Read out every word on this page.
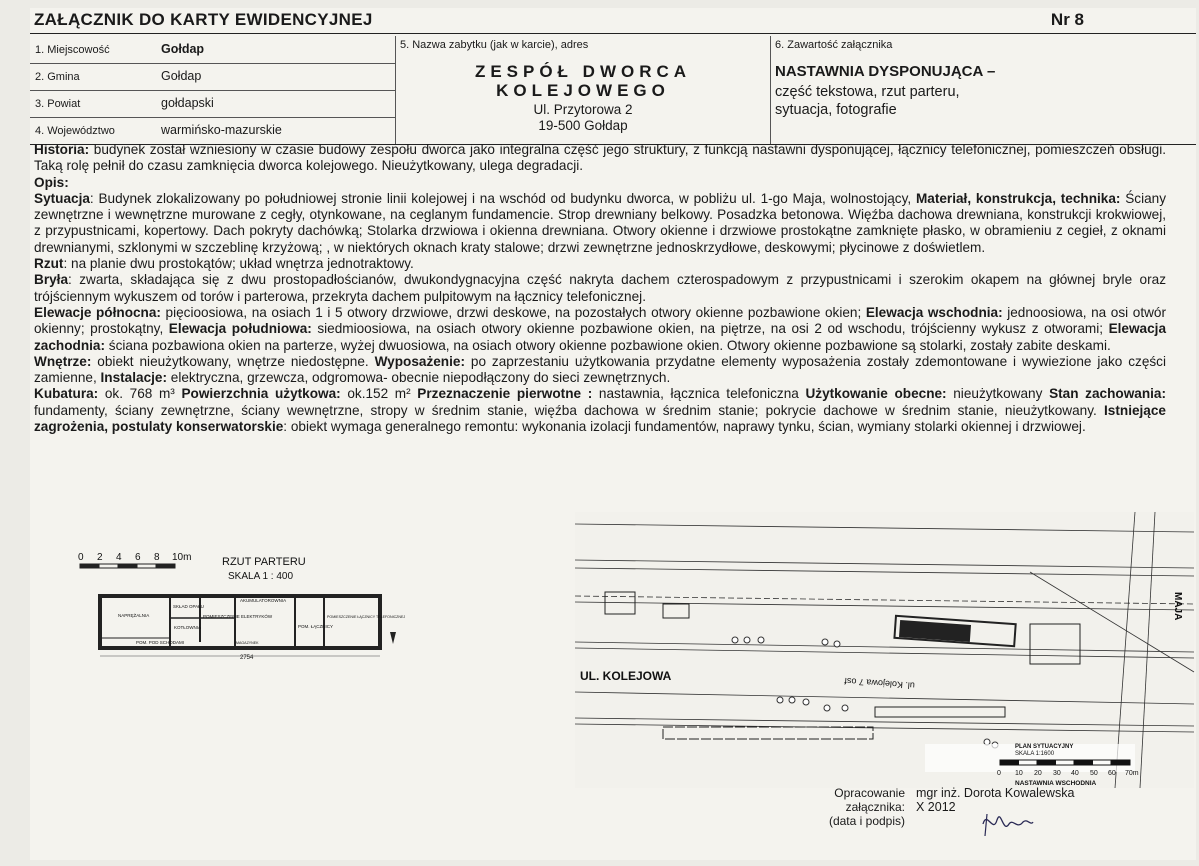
ZAŁĄCZNIK DO KARTY EWIDENCYJNEJ	Nr 8
1. Miejscowość	Gołdap
2. Gmina	Gołdap
3. Powiat	gołdapski
4. Województwo	warmińsko-mazurskie
5. Nazwa zabytku (jak w karcie), adres
ZESPÓŁ DWORCA
KOLEJOWEGO
Ul. Przytorowa 2
19-500 Gołdap
6. Zawartość załącznika
NASTAWNIA DYSPONUJĄCA –
część tekstowa, rzut parteru,
sytuacja, fotografie

Historia: budynek został wzniesiony w czasie budowy zespołu dworca jako integralna część jego struktury, z funkcją nastawni dysponującej, łącznicy telefonicznej, pomieszczeń obsługi. Taką rolę pełnił do czasu zamknięcia dworca kolejowego. Nieużytkowany, ulega degradacji.

Opis:

Sytuacja: Budynek zlokalizowany po południowej stronie linii kolejowej i na wschód od budynku dworca, w pobliżu ul. 1-go Maja, wolnostojący, Materiał, konstrukcja, technika: Ściany zewnętrzne i wewnętrzne murowane z cegły, otynkowane, na ceglanym fundamencie. Strop drewniany belkowy. Posadzka betonowa. Więźba dachowa drewniana, konstrukcji krokwiowej, z przypustnicami, kopertowy. Dach pokryty dachówką; Stolarka drzwiowa i okienna drewniana. Otwory okienne i drzwiowe prostokątne zamknięte płasko, w obramieniu z cegieł, z oknami drewnianymi, szklonymi w szczeblinę krzyżową; , w niektórych oknach kraty stalowe; drzwi zewnętrzne jednoskrzydłowe, deskowymi; płycinowe z doświetlem.

Rzut: na planie dwu prostokątów; układ wnętrza jednotraktowy.

Bryła: zwarta, składająca się z dwu prostopadłościanów, dwukondygnacyjna część nakryta dachem czterospadowym z przypustnicami i szerokim okapem na głównej bryle oraz trójściennym wykuszem od torów i parterowa, przekryta dachem pulpitowym na łącznicy telefonicznej.

Elewacje północna: pięcioosiowa, na osiach 1 i 5 otwory drzwiowe, drzwi deskowe, na pozostałych otwory okienne pozbawione okien; Elewacja wschodnia: jednoosiowa, na osi otwór okienny; prostokątny, Elewacja południowa: siedmioosiowa, na osiach otwory okienne pozbawione okien, na piętrze, na osi 2 od wschodu, trójścienny wykusz z otworami; Elewacja zachodnia: ściana pozbawiona okien na parterze, wyżej dwuosiowa, na osiach otwory okienne pozbawione okien. Otwory okienne pozbawione są stolarki, zostały zabite deskami.

Wnętrze: obiekt nieużytkowany, wnętrze niedostępne. Wyposażenie: po zaprzestaniu użytkowania przydatne elementy wyposażenia zostały zdemontowane i wywiezione jako części zamienne, Instalacje: elektryczna, grzewcza, odgromowa- obecnie niepodłączony do sieci zewnętrznych.

Kubatura: ok. 768 m³ Powierzchnia użytkowa: ok.152 m² Przeznaczenie pierwotne : nastawnia, łącznica telefoniczna Użytkowanie obecne: nieużytkowany Stan zachowania: fundamenty, ściany zewnętrzne, ściany wewnętrzne, stropy w średnim stanie, więźba dachowa w średnim stanie; pokrycie dachowe w średnim stanie, nieużytkowany. Istniejące zagrożenia, postulaty konserwatorskie: obiekt wymaga generalnego remontu: wykonania izolacji fundamentów, naprawy tynku, ścian, wymiany stolarki okiennej i drzwiowej.

0 2 4 6 8 10m	RZUT PARTERU
SKALA 1 : 400
NAPRĘŻALNIA
SKŁAD OPAŁU
KOTŁOWNIA
POMIESZCZENIE ELEKTRYKÓW
AKUMULATOROWNIA
POM. ŁĄCZNICY
POMIESZCZENIE ŁĄCZNICY TELEFONICZNEJ
POM. POD SCHODAMI	MAGAZYNEK
2754
UL. KOLEJOWA	ul. Kolejowa 7 osf
MAJA
PLAN SYTUACYJNY
SKALA 1:1600
0 10 20 30 40 50 60 70m
NASTAWNIA WSCHODNIA
Opracowanie załącznika:
(data i podpis)
mgr inż. Dorota Kowalewska
X 2012
